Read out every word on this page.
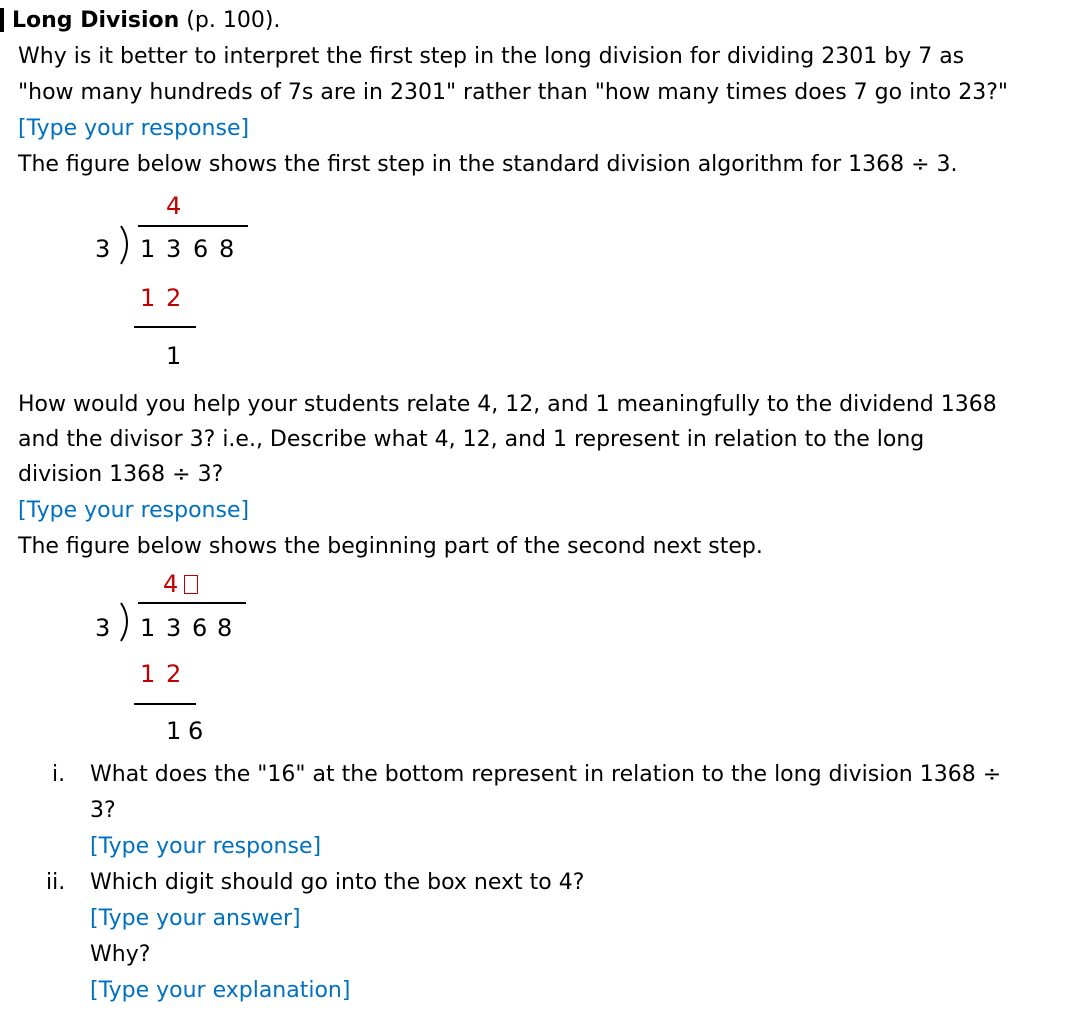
Long Division (p. 100).
Why is it better to interpret the first step in the long division for dividing 2301 by 7 as
"how many hundreds of 7s are in 2301" rather than "how many times does 7 go into 23?"
[Type your response]
The figure below shows the first step in the standard division algorithm for 1368 ÷ 3.
4
3 1 3 6 8
1 2
1
How would you help your students relate 4, 12, and 1 meaningfully to the dividend 1368
and the divisor 3? i.e., Describe what 4, 12, and 1 represent in relation to the long
division 1368 ÷ 3?
[Type your response]
The figure below shows the beginning part of the second next step.
4
3 1 3 6 8
1 2
1 6
i. What does the "16" at the bottom represent in relation to the long division 1368 ÷
3?
[Type your response]
ii. Which digit should go into the box next to 4?
[Type your answer]
Why?
[Type your explanation]
